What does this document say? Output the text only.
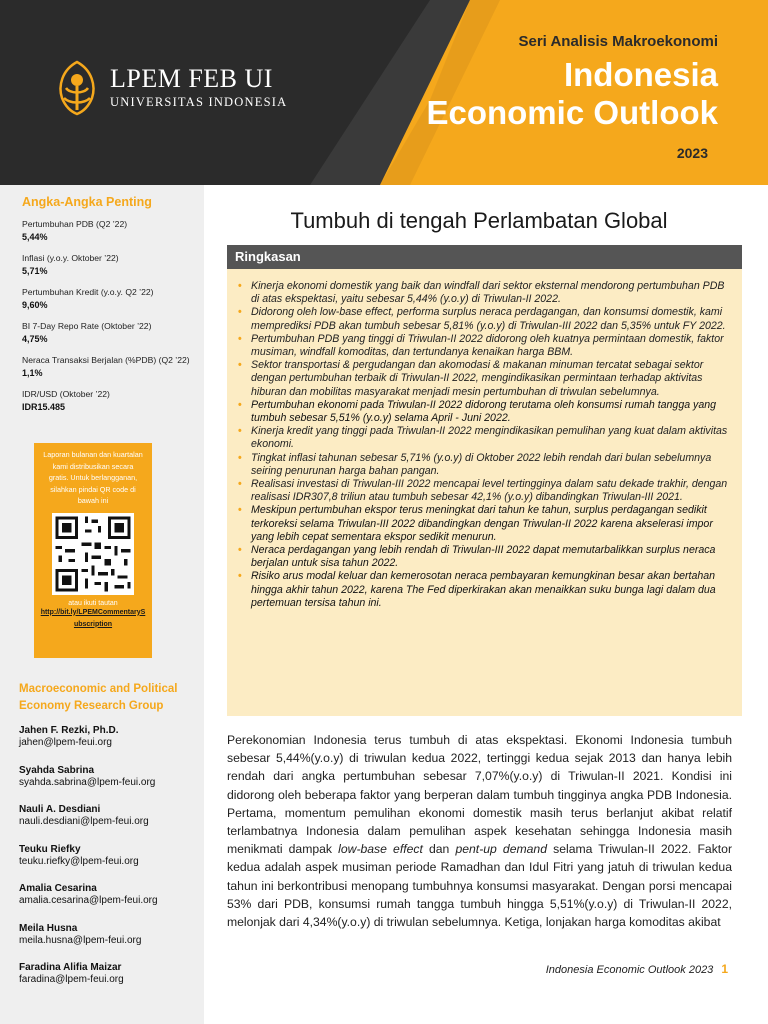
LPEM FEB UI
UNIVERSITAS INDONESIA
Seri Analisis Makroekonomi
Indonesia
Economic Outlook
2023
Angka-Angka Penting
Pertumbuhan PDB (Q2 ’22)
5,44%
Inflasi (y.o.y. Oktober ’22)
5,71%
Pertumbuhan Kredit (y.o.y. Q2 ’22)
9,60%
BI 7-Day Repo Rate (Oktober ’22)
4,75%
Neraca Transaksi Berjalan (%PDB) (Q2 ’22)
1,1%
IDR/USD (Oktober ’22)
IDR15.485
Laporan bulanan dan kuartalan kami distribusikan secara gratis. Untuk berlangganan, silahkan pindai QR code di bawah ini
atau ikuti tautan
http://bit.ly/LPEMCommentarySubscription
Macroeconomic and Political Economy Research Group
Jahen F. Rezki, Ph.D.
jahen@lpem-feui.org
Syahda Sabrina
syahda.sabrina@lpem-feui.org
Nauli A. Desdiani
nauli.desdiani@lpem-feui.org
Teuku Riefky
teuku.riefky@lpem-feui.org
Amalia Cesarina
amalia.cesarina@lpem-feui.org
Meila Husna
meila.husna@lpem-feui.org
Faradina Alifia Maizar
faradina@lpem-feui.org
Tumbuh di tengah Perlambatan Global
Ringkasan
• Kinerja ekonomi domestik yang baik dan windfall dari sektor eksternal mendorong pertumbuhan PDB di atas ekspektasi, yaitu sebesar 5,44% (y.o.y) di Triwulan-II 2022.
• Didorong oleh low-base effect, performa surplus neraca perdagangan, dan konsumsi domestik, kami memprediksi PDB akan tumbuh sebesar 5,81% (y.o.y) di Triwulan-III 2022 dan 5,35% untuk FY 2022.
• Pertumbuhan PDB yang tinggi di Triwulan-II 2022 didorong oleh kuatnya permintaan domestik, faktor musiman, windfall komoditas, dan tertundanya kenaikan harga BBM.
• Sektor transportasi & pergudangan dan akomodasi & makanan minuman tercatat sebagai sektor dengan pertumbuhan terbaik di Triwulan-II 2022, mengindikasikan permintaan terhadap aktivitas hiburan dan mobilitas masyarakat menjadi mesin pertumbuhan di triwulan sebelumnya.
• Pertumbuhan ekonomi pada Triwulan-II 2022 didorong terutama oleh konsumsi rumah tangga yang tumbuh sebesar 5,51% (y.o.y) selama April - Juni 2022.
• Kinerja kredit yang tinggi pada Triwulan-II 2022 mengindikasikan pemulihan yang kuat dalam aktivitas ekonomi.
• Tingkat inflasi tahunan sebesar 5,71% (y.o.y) di Oktober 2022 lebih rendah dari bulan sebelumnya seiring penurunan harga bahan pangan.
• Realisasi investasi di Triwulan-III 2022 mencapai level tertingginya dalam satu dekade trakhir, dengan realisasi IDR307,8 triliun atau tumbuh sebesar 42,1% (y.o.y) dibandingkan Triwulan-III 2021.
• Meskipun pertumbuhan ekspor terus meningkat dari tahun ke tahun, surplus perdagangan sedikit terkoreksi selama Triwulan-III 2022 dibandingkan dengan Triwulan-II 2022 karena akselerasi impor yang lebih cepat sementara ekspor sedikit menurun.
• Neraca perdagangan yang lebih rendah di Triwulan-III 2022 dapat memutarbalikkan surplus neraca berjalan untuk sisa tahun 2022.
• Risiko arus modal keluar dan kemerosotan neraca pembayaran kemungkinan besar akan bertahan hingga akhir tahun 2022, karena The Fed diperkirakan akan menaikkan suku bunga lagi dalam dua pertemuan tersisa tahun ini.

Perekonomian Indonesia terus tumbuh di atas ekspektasi. Ekonomi Indonesia tumbuh sebesar 5,44%(y.o.y) di triwulan kedua 2022, tertinggi kedua sejak 2013 dan hanya lebih rendah dari angka pertumbuhan sebesar 7,07%(y.o.y) di Triwulan-II 2021. Kondisi ini didorong oleh beberapa faktor yang berperan dalam tumbuh tingginya angka PDB Indonesia. Pertama, momentum pemulihan ekonomi domestik masih terus berlanjut akibat relatif terlambatnya Indonesia dalam pemulihan aspek kesehatan sehingga Indonesia masih menikmati dampak low-base effect dan pent-up demand selama Triwulan-II 2022. Faktor kedua adalah aspek musiman periode Ramadhan dan Idul Fitri yang jatuh di triwulan kedua tahun ini berkontribusi menopang tumbuhnya konsumsi masyarakat. Dengan porsi mencapai 53% dari PDB, konsumsi rumah tangga tumbuh hingga 5,51%(y.o.y) di Triwulan-II 2022, melonjak dari 4,34%(y.o.y) di triwulan sebelumnya. Ketiga, lonjakan harga komoditas akibat

Indonesia Economic Outlook 2023 1
